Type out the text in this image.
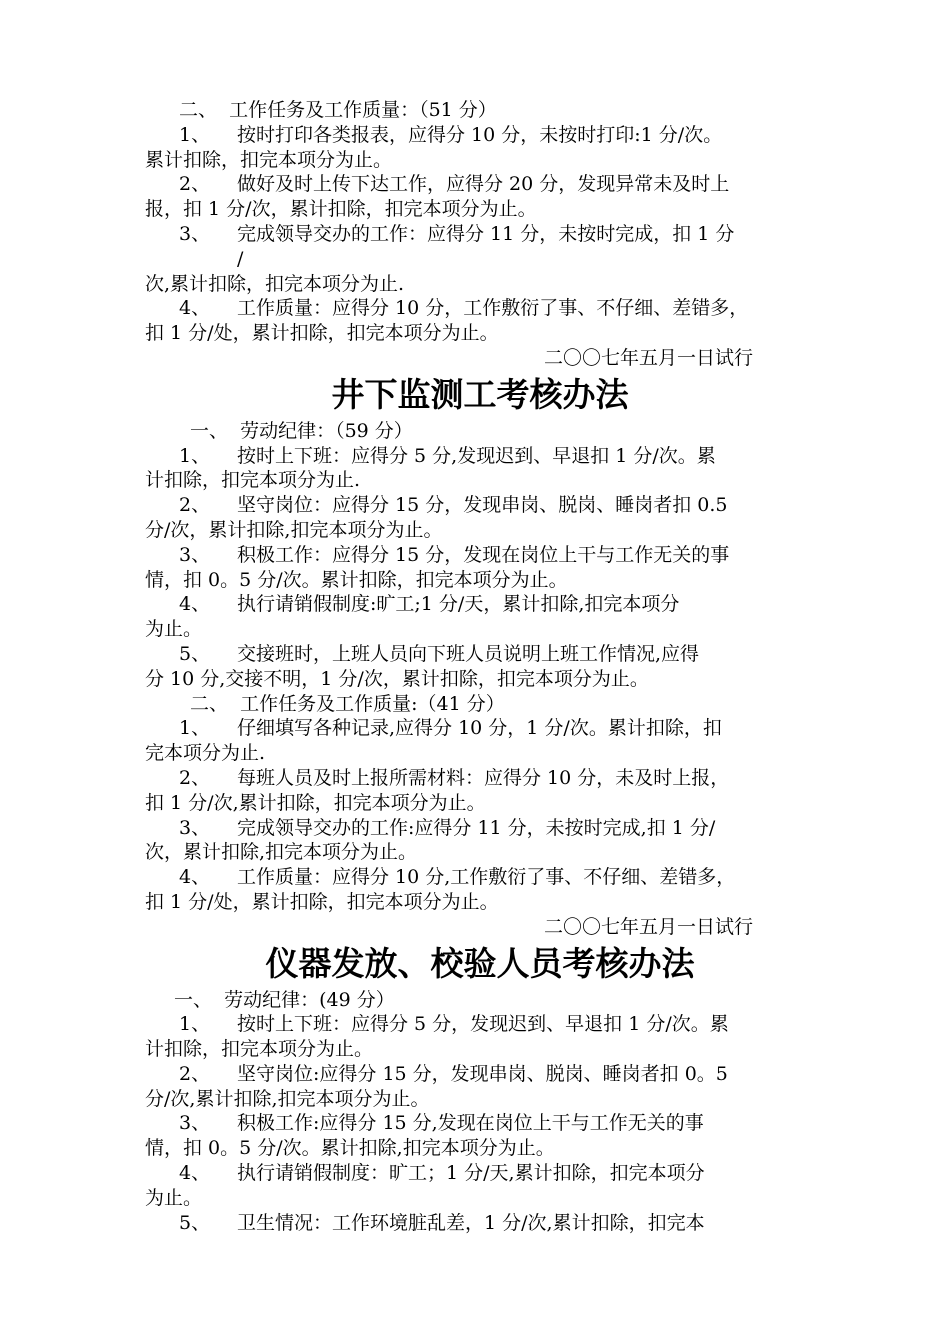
二、  工作任务及工作质量：（51 分）
1、 按时打印各类报表，应得分 10 分，未按时打印:1 分/次。
累计扣除，扣完本项分为止。
2、 做好及时上传下达工作，应得分 20 分，发现异常未及时上
报，扣 1 分/次，累计扣除，扣完本项分为止。
3、 完成领导交办的工作：应得分 11 分，未按时完成，扣 1 分
/
次,累计扣除，扣完本项分为止.
4、 工作质量：应得分 10 分，工作敷衍了事、不仔细、差错多，
扣 1 分/处，累计扣除，扣完本项分为止。
二〇〇七年五月一日试行
井下监测工考核办法
一、  劳动纪律：（59 分）
1、 按时上下班：应得分 5 分,发现迟到、早退扣 1 分/次。累
计扣除，扣完本项分为止.
2、 坚守岗位：应得分 15 分，发现串岗、脱岗、睡岗者扣 0.5
分/次，累计扣除,扣完本项分为止。
3、 积极工作：应得分 15 分，发现在岗位上干与工作无关的事
情，扣 0。5 分/次。累计扣除，扣完本项分为止。
4、 执行请销假制度:旷工;1 分/天，累计扣除,扣完本项分
为止。
5、 交接班时，上班人员向下班人员说明上班工作情况,应得
分 10 分,交接不明，1 分/次，累计扣除，扣完本项分为止。
二、  工作任务及工作质量:（41 分）
1、 仔细填写各种记录,应得分 10 分，1 分/次。累计扣除，扣
完本项分为止.
2、 每班人员及时上报所需材料：应得分 10 分，未及时上报，
扣 1 分/次,累计扣除，扣完本项分为止。
3、 完成领导交办的工作:应得分 11 分，未按时完成,扣 1 分/
次，累计扣除,扣完本项分为止。
4、 工作质量：应得分 10 分,工作敷衍了事、不仔细、差错多，
扣 1 分/处，累计扣除，扣完本项分为止。
二〇〇七年五月一日试行
仪器发放、校验人员考核办法
一、  劳动纪律：(49 分）
1、 按时上下班：应得分 5 分，发现迟到、早退扣 1 分/次。累
计扣除，扣完本项分为止。
2、 坚守岗位:应得分 15 分，发现串岗、脱岗、睡岗者扣 0。5
分/次,累计扣除,扣完本项分为止。
3、 积极工作:应得分 15 分,发现在岗位上干与工作无关的事
情，扣 0。5 分/次。累计扣除,扣完本项分为止。
4、 执行请销假制度：旷工；1 分/天,累计扣除，扣完本项分
为止。
5、 卫生情况：工作环境脏乱差，1 分/次,累计扣除，扣完本
